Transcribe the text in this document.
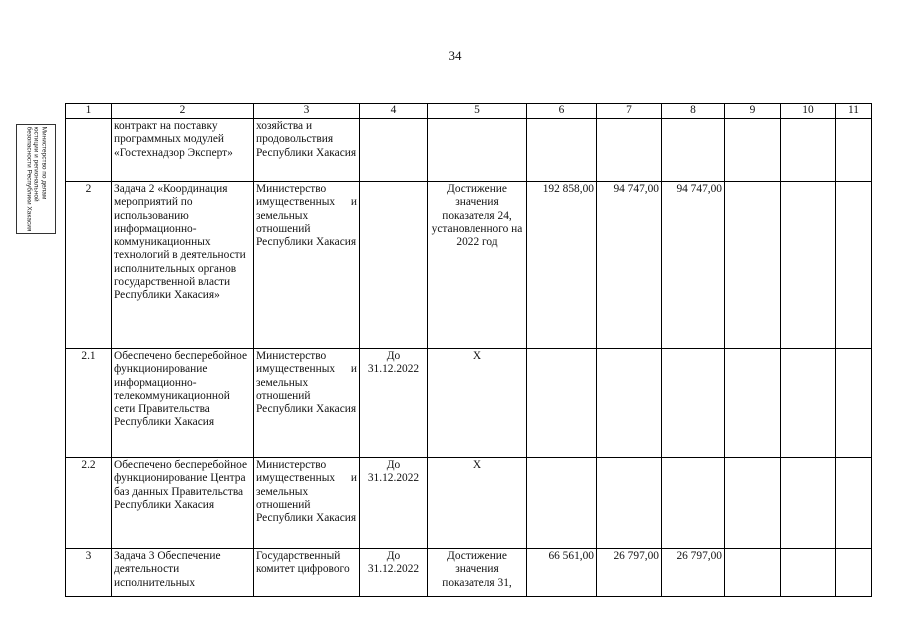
34
Министерство по делам
юстиции и региональной
безопасности Республики Хакасия
1	2	3	4	5	6	7	8	9	10	11
	контракт на поставку программных модулей «Гостехнадзор Эксперт»	хозяйства и продовольствия Республики Хакасия								
2	Задача 2 «Координация мероприятий по использованию информационно-коммуникационных технологий в деятельности исполнительных органов государственной власти Республики Хакасия»	Министерство имущественных и земельных отношений Республики Хакасия		Достижение значения показателя 24, установленного на 2022 год	192 858,00	94 747,00	94 747,00			
2.1	Обеспечено бесперебойное функционирование информационно-телекоммуникационной сети Правительства Республики Хакасия	Министерство имущественных и земельных отношений Республики Хакасия	До 31.12.2022	Х						
2.2	Обеспечено бесперебойное функционирование Центра баз данных Правительства Республики Хакасия	Министерство имущественных и земельных отношений Республики Хакасия	До 31.12.2022	Х						
3	Задача 3 Обеспечение деятельности исполнительных	Государственный комитет цифрового	До 31.12.2022	Достижение значения показателя 31,	66 561,00	26 797,00	26 797,00			
